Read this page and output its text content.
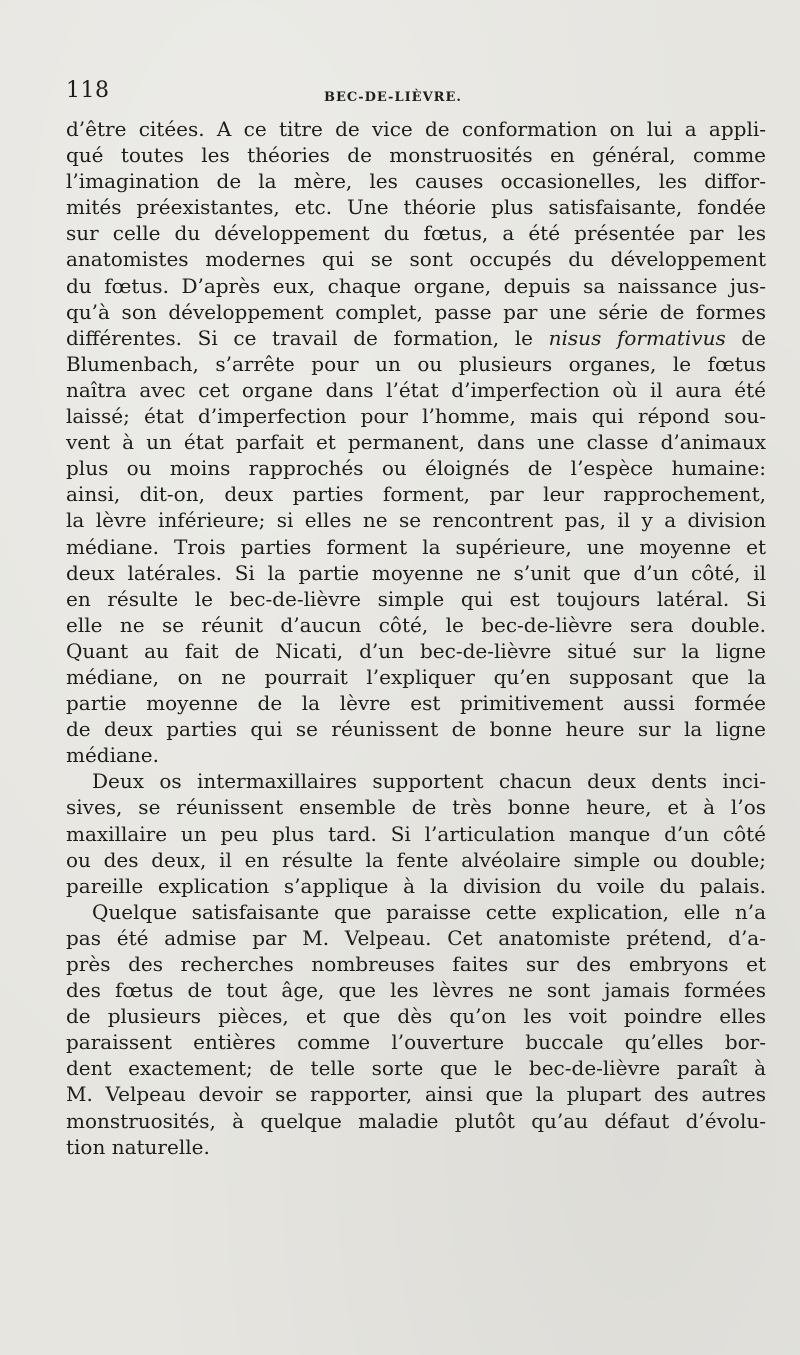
118	BEC-DE-LIÈVRE.
d’être citées. A ce titre de vice de conformation on lui a appli-
qué toutes les théories de monstruosités en général, comme
l’imagination de la mère, les causes occasionelles, les diffor-
mités préexistantes, etc. Une théorie plus satisfaisante, fondée
sur celle du développement du fœtus, a été présentée par les
anatomistes modernes qui se sont occupés du développement
du fœtus. D’après eux, chaque organe, depuis sa naissance jus-
qu’à son développement complet, passe par une série de formes
différentes. Si ce travail de formation, le nisus formativus de
Blumenbach, s’arrête pour un ou plusieurs organes, le fœtus
naîtra avec cet organe dans l’état d’imperfection où il aura été
laissé; état d’imperfection pour l’homme, mais qui répond sou-
vent à un état parfait et permanent, dans une classe d’animaux
plus ou moins rapprochés ou éloignés de l’espèce humaine:
ainsi, dit-on, deux parties forment, par leur rapprochement,
la lèvre inférieure; si elles ne se rencontrent pas, il y a division
médiane. Trois parties forment la supérieure, une moyenne et
deux latérales. Si la partie moyenne ne s’unit que d’un côté, il
en résulte le bec-de-lièvre simple qui est toujours latéral. Si
elle ne se réunit d’aucun côté, le bec-de-lièvre sera double.
Quant au fait de Nicati, d’un bec-de-lièvre situé sur la ligne
médiane, on ne pourrait l’expliquer qu’en supposant que la
partie moyenne de la lèvre est primitivement aussi formée
de deux parties qui se réunissent de bonne heure sur la ligne
médiane.
Deux os intermaxillaires supportent chacun deux dents inci-
sives, se réunissent ensemble de très bonne heure, et à l’os
maxillaire un peu plus tard. Si l’articulation manque d’un côté
ou des deux, il en résulte la fente alvéolaire simple ou double;
pareille explication s’applique à la division du voile du palais.
Quelque satisfaisante que paraisse cette explication, elle n’a
pas été admise par M. Velpeau. Cet anatomiste prétend, d’a-
près des recherches nombreuses faites sur des embryons et
des fœtus de tout âge, que les lèvres ne sont jamais formées
de plusieurs pièces, et que dès qu’on les voit poindre elles
paraissent entières comme l’ouverture buccale qu’elles bor-
dent exactement; de telle sorte que le bec-de-lièvre paraît à
M. Velpeau devoir se rapporter, ainsi que la plupart des autres
monstruosités, à quelque maladie plutôt qu’au défaut d’évolu-
tion naturelle.
